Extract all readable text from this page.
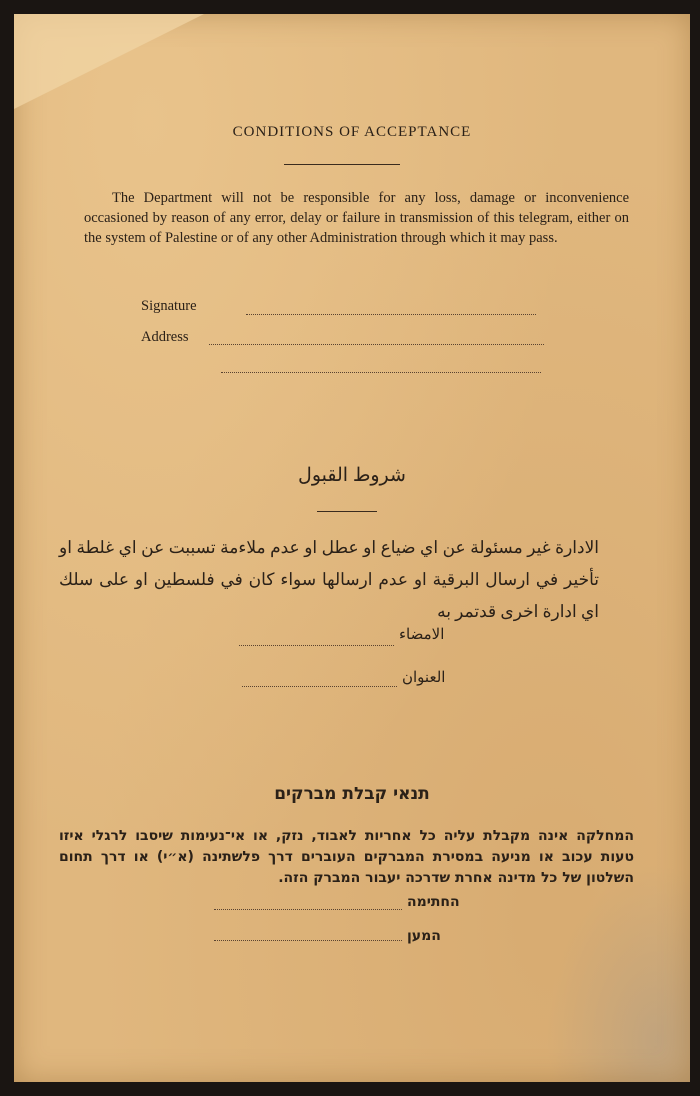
CONDITIONS OF ACCEPTANCE
The Department will not be responsible for any loss, damage or inconvenience occasioned by reason of any error, delay or failure in transmission of this telegram, either on the system of Palestine or of any other Administration through which it may pass.
Signature
Address
شروط القبول
الادارة غير مسئولة عن اي ضياع او عطل او عدم ملاءمة تسببت عن اي غلطة او تأخير في ارسال البرقية او عدم ارسالها سواء كان في فلسطين او على سلك اي ادارة اخرى قدتمر به
الامضاء
العنوان
תנאי קבלת מברקים
המחלקה אינה מקבלת עליה כל אחריות לאבוד, נזק, או אי־נעימות שיסבו לרגלי איזו טעות עכוב או מניעה במסירת המברקים העוברים דרך פלשתינה (א״י) או דרך תחום השלטון של כל מדינה אחרת שדרכה יעבור המברק הזה.
החתימה
המען
